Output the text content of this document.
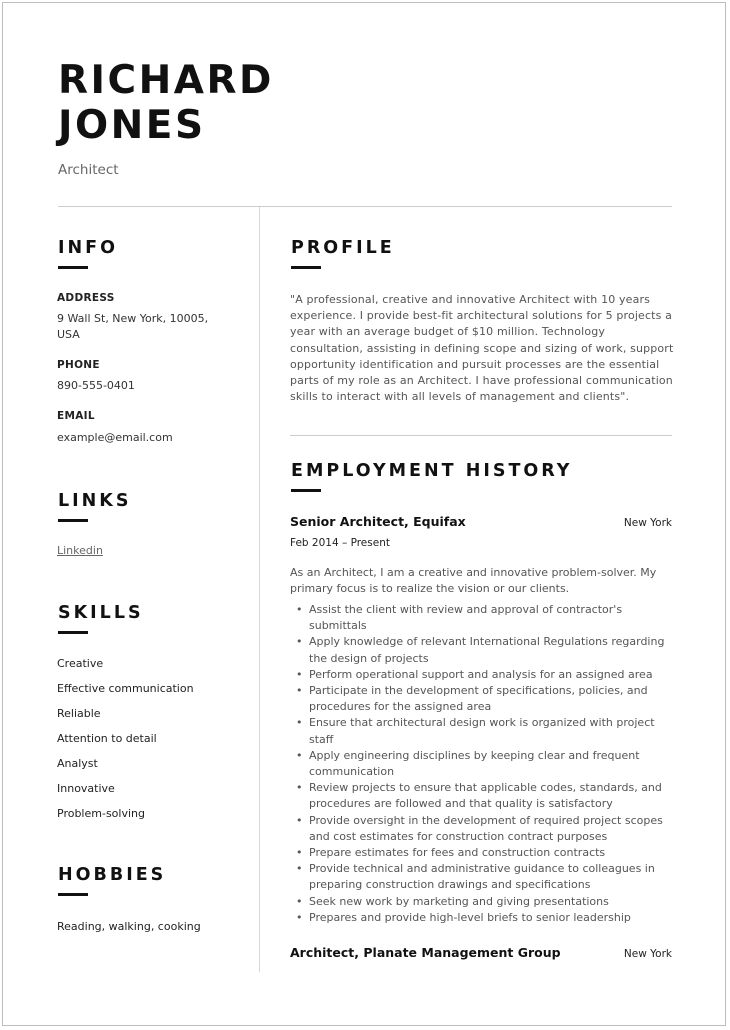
RICHARD
JONES

Architect

INFO

ADDRESS

9 Wall St, New York, 10005,

USA

PHONE

890-555-0401

EMAIL

example@email.com

LINKS
Linkedin
SKILLS
Creative
Effective communication
Reliable
Attention to detail
Analyst
Innovative
Problem-solving
HOBBIES

Reading, walking, cooking

PROFILE

"A professional, creative and innovative Architect with 10 years experience. I provide best-fit architectural solutions for 5 projects a year with an average budget of $10 million. Technology consultation, assisting in defining scope and sizing of work, support opportunity identification and pursuit processes are the essential parts of my role as an Architect. I have professional communication skills to interact with all levels of management and clients".

EMPLOYMENT HISTORY
Senior Architect, Equifax	New York

Feb 2014 – Present

As an Architect, I am a creative and innovative problem-solver. My primary focus is to realize the vision or our clients.

• Assist the client with review and approval of contractor's submittals
• Apply knowledge of relevant International Regulations regarding the design of projects
• Perform operational support and analysis for an assigned area
• Participate in the development of specifications, policies, and procedures for the assigned area
• Ensure that architectural design work is organized with project staff
• Apply engineering disciplines by keeping clear and frequent communication
• Review projects to ensure that applicable codes, standards, and procedures are followed and that quality is satisfactory
• Provide oversight in the development of required project scopes and cost estimates for construction contract purposes
• Prepare estimates for fees and construction contracts
• Provide technical and administrative guidance to colleagues in preparing construction drawings and specifications
• Seek new work by marketing and giving presentations
• Prepares and provide high-level briefs to senior leadership
Architect, Planate Management Group	New York
